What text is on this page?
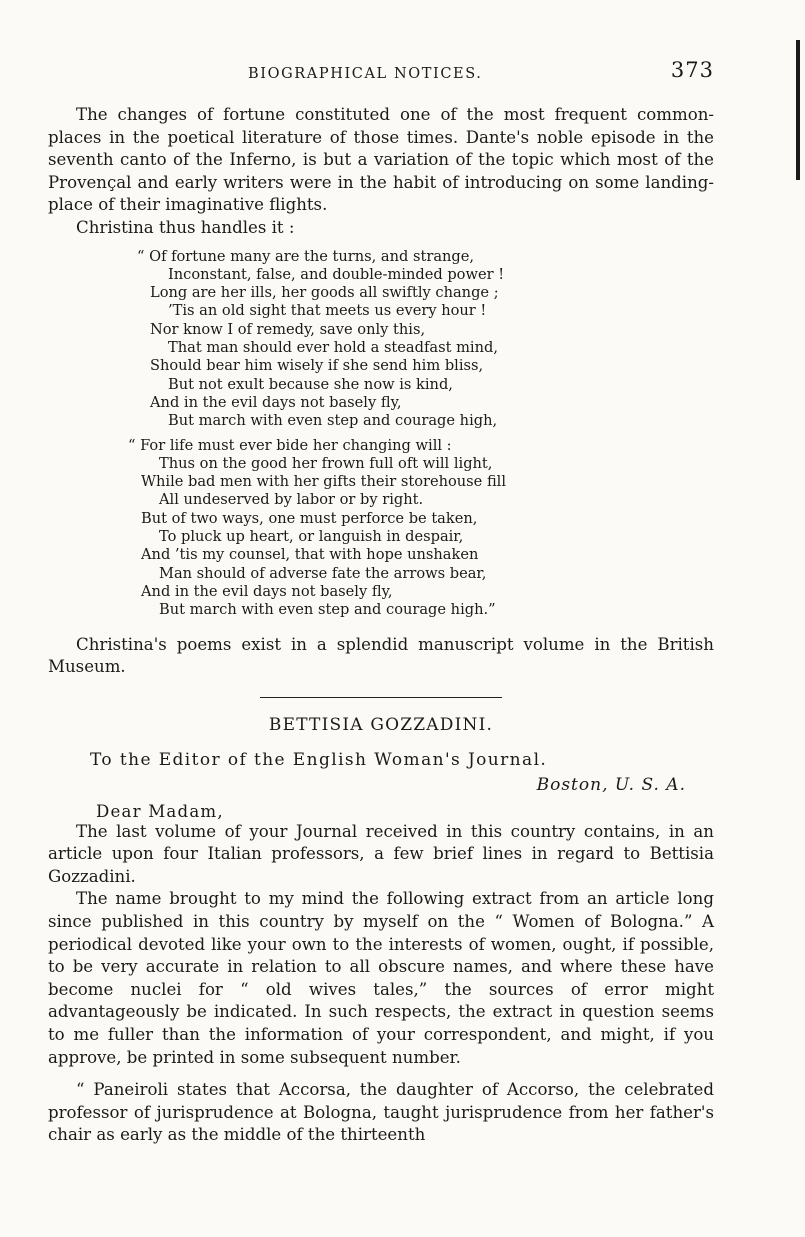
BIOGRAPHICAL NOTICES.	373

The changes of fortune constituted one of the most frequent common-places in the poetical literature of those times. Dante's noble episode in the seventh canto of the Inferno, is but a variation of the topic which most of the Provençal and early writers were in the habit of introducing on some landing-place of their imaginative flights.

Christina thus handles it :

“ Of fortune many are the turns, and strange,
Inconstant, false, and double-minded power !
Long are her ills, her goods all swiftly change ;
’Tis an old sight that meets us every hour !
Nor know I of remedy, save only this,
That man should ever hold a steadfast mind,
Should bear him wisely if she send him bliss,
But not exult because she now is kind,
And in the evil days not basely fly,
But march with even step and courage high,
“ For life must ever bide her changing will :
Thus on the good her frown full oft will light,
While bad men with her gifts their storehouse fill
All undeserved by labor or by right.
But of two ways, one must perforce be taken,
To pluck up heart, or languish in despair,
And ’tis my counsel, that with hope unshaken
Man should of adverse fate the arrows bear,
And in the evil days not basely fly,
But march with even step and courage high.”

Christina's poems exist in a splendid manuscript volume in the British Museum.

BETTISIA GOZZADINI.
To the Editor of the English Woman's Journal.
Boston, U. S. A.
Dear Madam,

The last volume of your Journal received in this country contains, in an article upon four Italian professors, a few brief lines in regard to Bettisia Gozzadini.

The name brought to my mind the following extract from an article long since published in this country by myself on the “ Women of Bologna.” A periodical devoted like your own to the interests of women, ought, if possible, to be very accurate in relation to all obscure names, and where these have become nuclei for “ old wives tales,” the sources of error might advantageously be indicated. In such respects, the extract in question seems to me fuller than the information of your correspondent, and might, if you approve, be printed in some subsequent number.

“ Paneiroli states that Accorsa, the daughter of Accorso, the celebrated professor of jurisprudence at Bologna, taught jurisprudence from her father's chair as early as the middle of the thirteenth
